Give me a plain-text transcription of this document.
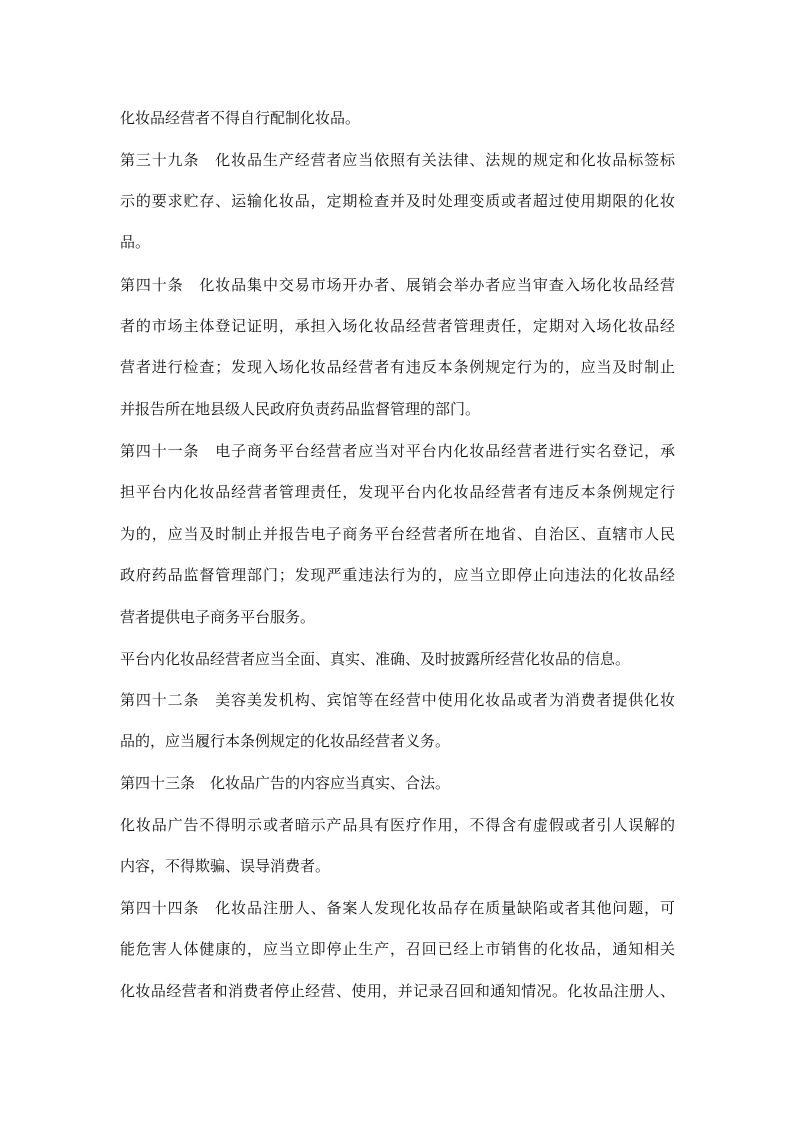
化妆品经营者不得自行配制化妆品。
第三十九条　化妆品生产经营者应当依照有关法律、法规的规定和化妆品标签标
示的要求贮存、运输化妆品，定期检查并及时处理变质或者超过使用期限的化妆
品。
第四十条　化妆品集中交易市场开办者、展销会举办者应当审查入场化妆品经营
者的市场主体登记证明，承担入场化妆品经营者管理责任，定期对入场化妆品经
营者进行检查；发现入场化妆品经营者有违反本条例规定行为的，应当及时制止
并报告所在地县级人民政府负责药品监督管理的部门。
第四十一条　电子商务平台经营者应当对平台内化妆品经营者进行实名登记，承
担平台内化妆品经营者管理责任，发现平台内化妆品经营者有违反本条例规定行
为的，应当及时制止并报告电子商务平台经营者所在地省、自治区、直辖市人民
政府药品监督管理部门；发现严重违法行为的，应当立即停止向违法的化妆品经
营者提供电子商务平台服务。
平台内化妆品经营者应当全面、真实、准确、及时披露所经营化妆品的信息。
第四十二条　美容美发机构、宾馆等在经营中使用化妆品或者为消费者提供化妆
品的，应当履行本条例规定的化妆品经营者义务。
第四十三条　化妆品广告的内容应当真实、合法。
化妆品广告不得明示或者暗示产品具有医疗作用，不得含有虚假或者引人误解的
内容，不得欺骗、误导消费者。
第四十四条　化妆品注册人、备案人发现化妆品存在质量缺陷或者其他问题，可
能危害人体健康的，应当立即停止生产，召回已经上市销售的化妆品，通知相关
化妆品经营者和消费者停止经营、使用，并记录召回和通知情况。化妆品注册人、
